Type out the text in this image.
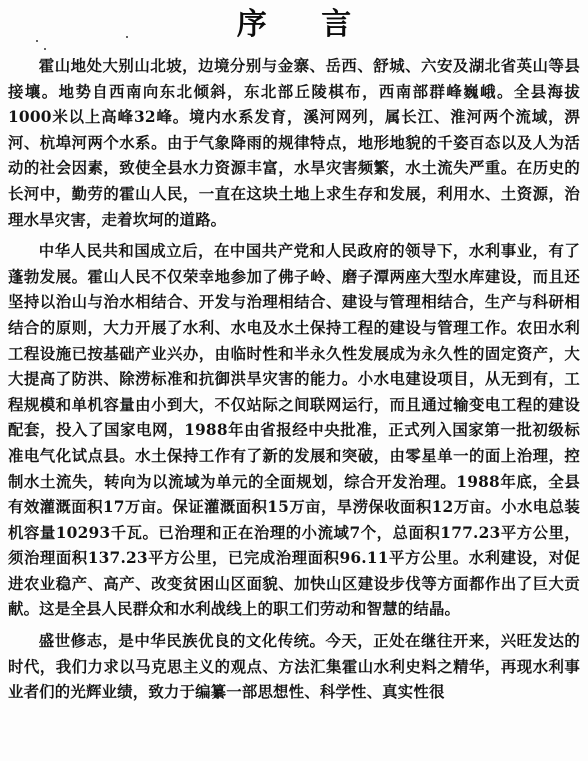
序 言

霍山地处大别山北坡，边境分别与金寨、岳西、舒城、六安及湖北省英山等县接壤。地势自西南向东北倾斜，东北部丘陵棋布，西南部群峰巍峨。全县海拔1000米以上高峰32峰。境内水系发育，溪河网列，属长江、淮河两个流域，淠河、杭埠河两个水系。由于气象降雨的规律特点，地形地貌的千姿百态以及人为活动的社会因素，致使全县水力资源丰富，水旱灾害频繁，水土流失严重。在历史的长河中，勤劳的霍山人民，一直在这块土地上求生存和发展，利用水、土资源，治理水旱灾害，走着坎坷的道路。

中华人民共和国成立后，在中国共产党和人民政府的领导下，水利事业，有了蓬勃发展。霍山人民不仅荣幸地参加了佛子岭、磨子潭两座大型水库建设，而且还坚持以治山与治水相结合、开发与治理相结合、建设与管理相结合，生产与科研相结合的原则，大力开展了水利、水电及水土保持工程的建设与管理工作。农田水利工程设施已按基础产业兴办，由临时性和半永久性发展成为永久性的固定资产，大大提高了防洪、除涝标准和抗御洪旱灾害的能力。小水电建设项目，从无到有，工程规模和单机容量由小到大，不仅站际之间联网运行，而且通过输变电工程的建设配套，投入了国家电网，1988年由省报经中央批准，正式列入国家第一批初级标准电气化试点县。水土保持工作有了新的发展和突破，由零星单一的面上治理，控制水土流失，转向为以流域为单元的全面规划，综合开发治理。1988年底，全县有效灌溉面积17万亩。保证灌溉面积15万亩，旱涝保收面积12万亩。小水电总装机容量10293千瓦。已治理和正在治理的小流域7个，总面积177.23平方公里，须治理面积137.23平方公里，已完成治理面积96.11平方公里。水利建设，对促进农业稳产、高产、改变贫困山区面貌、加快山区建设步伐等方面都作出了巨大贡献。这是全县人民群众和水利战线上的职工们劳动和智慧的结晶。

盛世修志，是中华民族优良的文化传统。今天，正处在继往开来，兴旺发达的时代，我们力求以马克思主义的观点、方法汇集霍山水利史料之精华，再现水利事业者们的光辉业绩，致力于编纂一部思想性、科学性、真实性很
